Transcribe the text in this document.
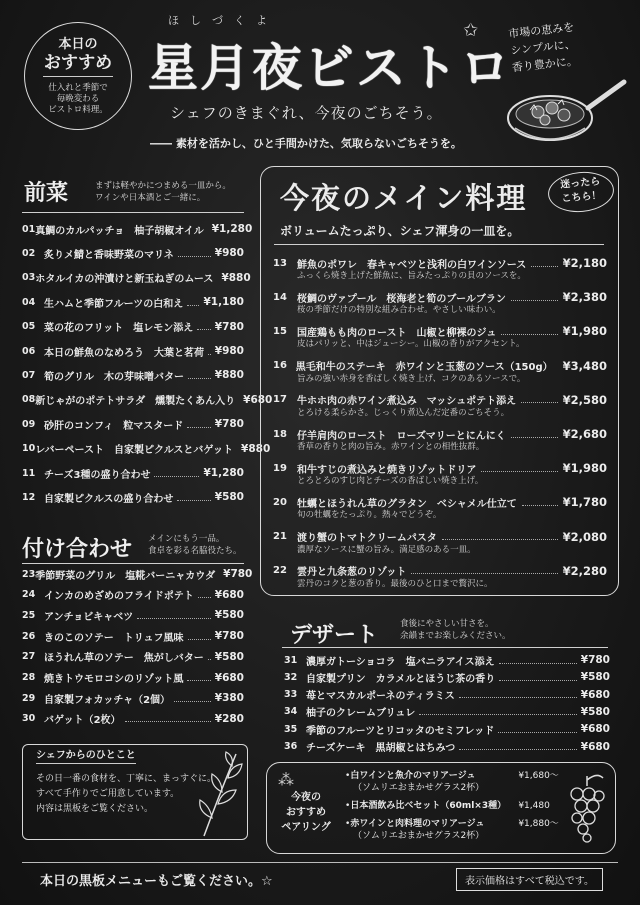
本日の
おすすめ
仕入れと季節で
毎晩変わる
ビストロ料理。
ほしづくよ
星月夜ビストロ
✩
シェフのきまぐれ、今夜のごちそう。
―― 素材を活かし、ひと手間かけた、気取らないごちそうを。
市場の恵みを
シンプルに、
香り豊かに。
前菜	まずは軽やかにつまめる一皿から。
ワインや日本酒とご一緒に。
01 真鯛のカルパッチョ　柚子胡椒オイル ¥1,280
02 炙りメ鯖と香味野菜のマリネ	¥980
03 ホタルイカの沖漬けと新玉ねぎのムース ¥880
04 生ハムと季節フルーツの白和え ¥1,180
05 菜の花のフリット　塩レモン添え ¥780
06 本日の鮮魚のなめろう　大葉と茗荷 ¥980
07 筍のグリル　木の芽味噌バター	¥880
08 新じゃがのポテトサラダ　燻製たくあん入り ¥680
09 砂肝のコンフィ　粒マスタード	¥780
10 レバーペースト　自家製ピクルスとバゲット ¥880
11 チーズ3種の盛り合わせ	¥1,280
12 自家製ピクルスの盛り合わせ	¥580
付け合わせ メインにもう一品。
食卓を彩る名脇役たち。
23 季節野菜のグリル　塩糀バーニャカウダ ¥780
24 インカのめざめのフライドポテト ¥680
25 アンチョビキャベツ	¥580
26 きのこのソテー　トリュフ風味	¥780
27 ほうれん草のソテー　焦がしバター ¥580
28 焼きトウモロコシのリゾット風	¥680
29 自家製フォカッチャ（2個）	¥380
30 バゲット（2枚）	¥280
シェフからのひとこと
その日一番の食材を、丁寧に、まっすぐに。
すべて手作りでご用意しています。
内容は黒板をご覧ください。
今夜のメイン料理	迷ったら
こちら！
ボリュームたっぷり、シェフ渾身の一皿を。
13	鮮魚のポワレ　春キャベツと浅利の白ワインソース	¥2,180
ふっくら焼き上げた鮮魚に、旨みたっぷりの貝のソースを。
14	桜鯛のヴァプール　桜海老と筍のブールブラン	¥2,380
桜の季節だけの特別な組み合わせ。やさしい味わい。
15	国産鶏もも肉のロースト　山椒と柳裸のジュ	¥1,980
皮はパリッと、中はジューシー。山椒の香りがアクセント。
16 黒毛和牛のステーキ　赤ワインと玉葱のソース（150g） ¥3,480
旨みの強い赤身を香ばしく焼き上げ、コクのあるソースで。
17	牛ホホ肉の赤ワイン煮込み　マッシュポテト添え	¥2,580
とろける柔らかさ。じっくり煮込んだ定番のごちそう。
18	仔羊肩肉のロースト　ローズマリーとにんにく	¥2,680
香草の香りと肉の旨み。赤ワインとの相性抜群。
19	和牛すじの煮込みと焼きリゾットドリア	¥1,980
とろとろのすじ肉とチーズの香ばしい焼き上げ。
20	牡蠣とほうれん草のグラタン　ベシャメル仕立て	¥1,780
旬の牡蠣をたっぷり。熱々でどうぞ。
21	渡り蟹のトマトクリームパスタ	¥2,080
濃厚なソースに蟹の旨み。満足感のある一皿。
22	雲丹と九条葱のリゾット	¥2,280
雲丹のコクと葱の香り。最後のひと口まで贅沢に。
デザート	食後にやさしい甘さを。
余韻までお楽しみください。
31 濃厚ガトーショコラ　塩バニラアイス添え	¥780
32 自家製プリン　カラメルとほうじ茶の香り	¥580
33 苺とマスカルポーネのティラミス	¥680
34 柚子のクレームブリュレ	¥580
35 季節のフルーツとリコッタのセミフレッド	¥680
36 チーズケーキ　黒胡椒とはちみつ	¥680
⁂
今夜の
おすすめ
ペアリング
• 白ワインと魚介のマリアージュ	¥1,680～
（ソムリエおまかせグラス2杯）
• 日本酒飲み比べセット（60ml×3種）	¥1,480
• 赤ワインと肉料理のマリアージュ	¥1,880～
（ソムリエおまかせグラス2杯）
本日の黒板メニューもご覧ください。☆	表示価格はすべて税込です。
